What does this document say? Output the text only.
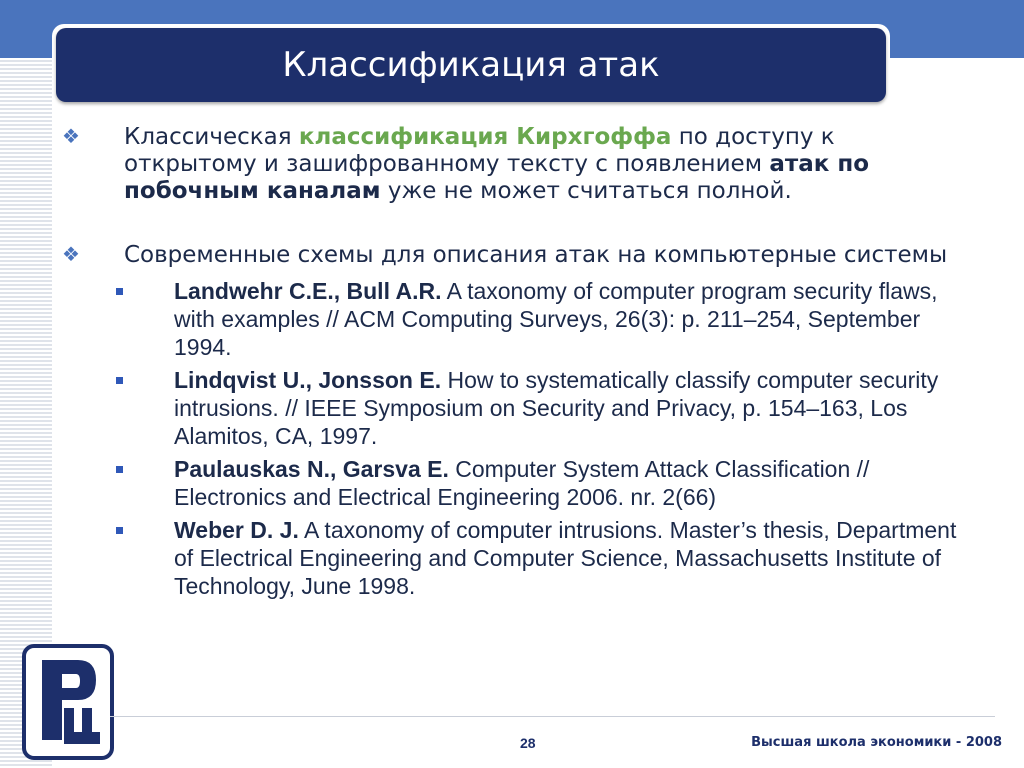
Классификация атак
❖ Классическая классификация Кирхгоффа по доступу к открытому и зашифрованному тексту с появлением атак по побочным каналам уже не может считаться полной.
❖ Современные схемы для описания атак на компьютерные системы
Landwehr C.E., Bull A.R. A taxonomy of computer program security flaws, with examples // ACM Computing Surveys, 26(3): p. 211–254, September 1994.
Lindqvist U., Jonsson E. How to systematically classify computer security intrusions. // IEEE Symposium on Security and Privacy, p. 154–163, Los Alamitos, CA, 1997.
Paulauskas N., Garsva E. Computer System Attack Classification // Electronics and Electrical Engineering 2006. nr. 2(66)
Weber D. J. A taxonomy of computer intrusions. Master’s thesis, Department of Electrical Engineering and Computer Science, Massachusetts Institute of Technology, June 1998.
28	Высшая школа экономики - 2008
